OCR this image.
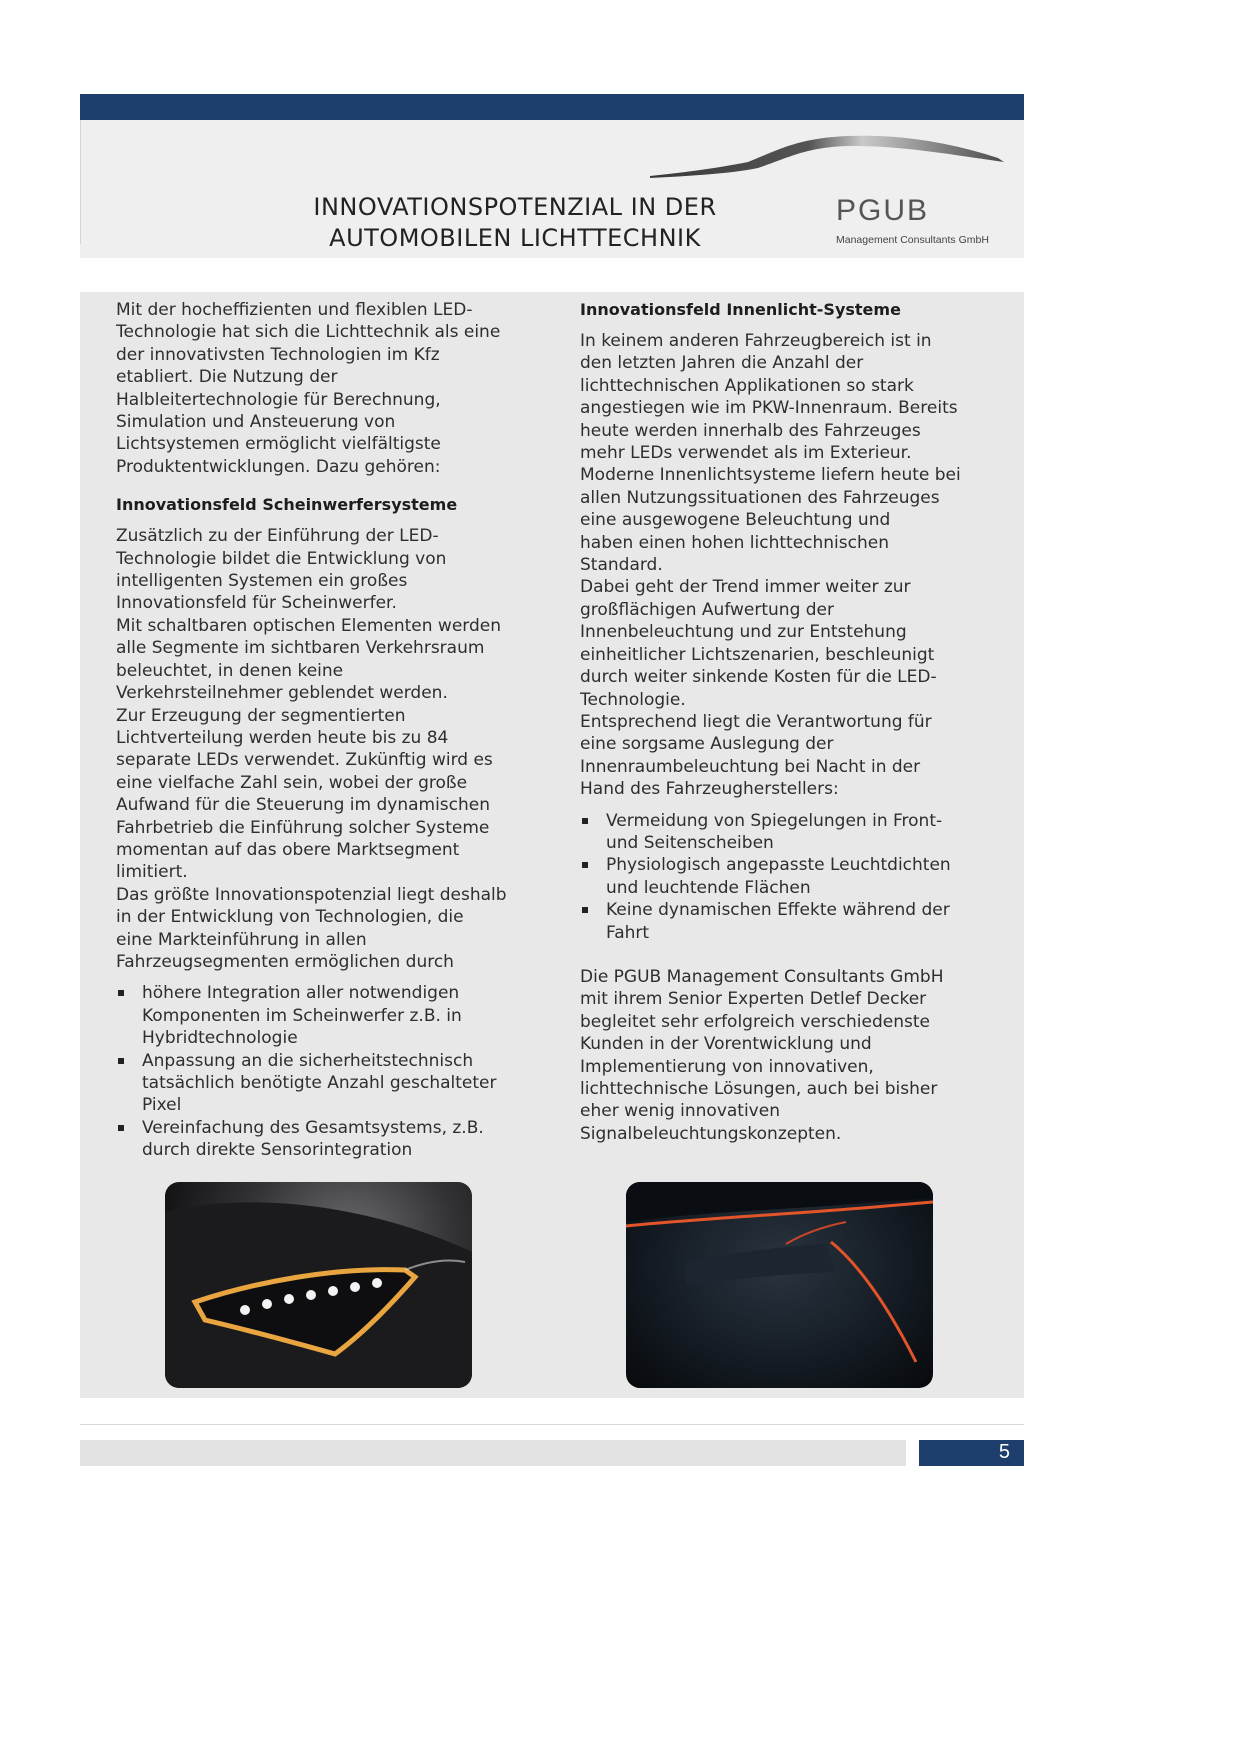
PGUB
Management Consultants GmbH
INNOVATIONSPOTENZIAL IN DER
AUTOMOBILEN LICHTTECHNIK

Mit der hocheffizienten und flexiblen LED-
Technologie hat sich die Lichttechnik als eine
der innovativsten Technologien im Kfz
etabliert. Die Nutzung der
Halbleitertechnologie für Berechnung,
Simulation und Ansteuerung von
Lichtsystemen ermöglicht vielfältigste
Produktentwicklungen. Dazu gehören:

Innovationsfeld Scheinwerfersysteme

Zusätzlich zu der Einführung der LED-
Technologie bildet die Entwicklung von
intelligenten Systemen ein großes
Innovationsfeld für Scheinwerfer.
Mit schaltbaren optischen Elementen werden
alle Segmente im sichtbaren Verkehrsraum
beleuchtet, in denen keine
Verkehrsteilnehmer geblendet werden.
Zur Erzeugung der segmentierten
Lichtverteilung werden heute bis zu 84
separate LEDs verwendet. Zukünftig wird es
eine vielfache Zahl sein, wobei der große
Aufwand für die Steuerung im dynamischen
Fahrbetrieb die Einführung solcher Systeme
momentan auf das obere Marktsegment
limitiert.
Das größte Innovationspotenzial liegt deshalb
in der Entwicklung von Technologien, die
eine Markteinführung in allen
Fahrzeugsegmenten ermöglichen durch

höhere Integration aller notwendigen
Komponenten im Scheinwerfer z.B. in
Hybridtechnologie
Anpassung an die sicherheitstechnisch
tatsächlich benötigte Anzahl geschalteter
Pixel
Vereinfachung des Gesamtsystems, z.B.
durch direkte Sensorintegration
Innovationsfeld Innenlicht-Systeme

In keinem anderen Fahrzeugbereich ist in
den letzten Jahren die Anzahl der
lichttechnischen Applikationen so stark
angestiegen wie im PKW-Innenraum. Bereits
heute werden innerhalb des Fahrzeuges
mehr LEDs verwendet als im Exterieur.
Moderne Innenlichtsysteme liefern heute bei
allen Nutzungssituationen des Fahrzeuges
eine ausgewogene Beleuchtung und
haben einen hohen lichttechnischen
Standard.
Dabei geht der Trend immer weiter zur
großflächigen Aufwertung der
Innenbeleuchtung und zur Entstehung
einheitlicher Lichtszenarien, beschleunigt
durch weiter sinkende Kosten für die LED-
Technologie.
Entsprechend liegt die Verantwortung für
eine sorgsame Auslegung der
Innenraumbeleuchtung bei Nacht in der
Hand des Fahrzeugherstellers:

Vermeidung von Spiegelungen in Front-
und Seitenscheiben
Physiologisch angepasste Leuchtdichten
und leuchtende Flächen
Keine dynamischen Effekte während der
Fahrt

Die PGUB Management Consultants GmbH
mit ihrem Senior Experten Detlef Decker
begleitet sehr erfolgreich verschiedenste
Kunden in der Vorentwicklung und
Implementierung von innovativen,
lichttechnische Lösungen, auch bei bisher
eher wenig innovativen
Signalbeleuchtungskonzepten.

5
